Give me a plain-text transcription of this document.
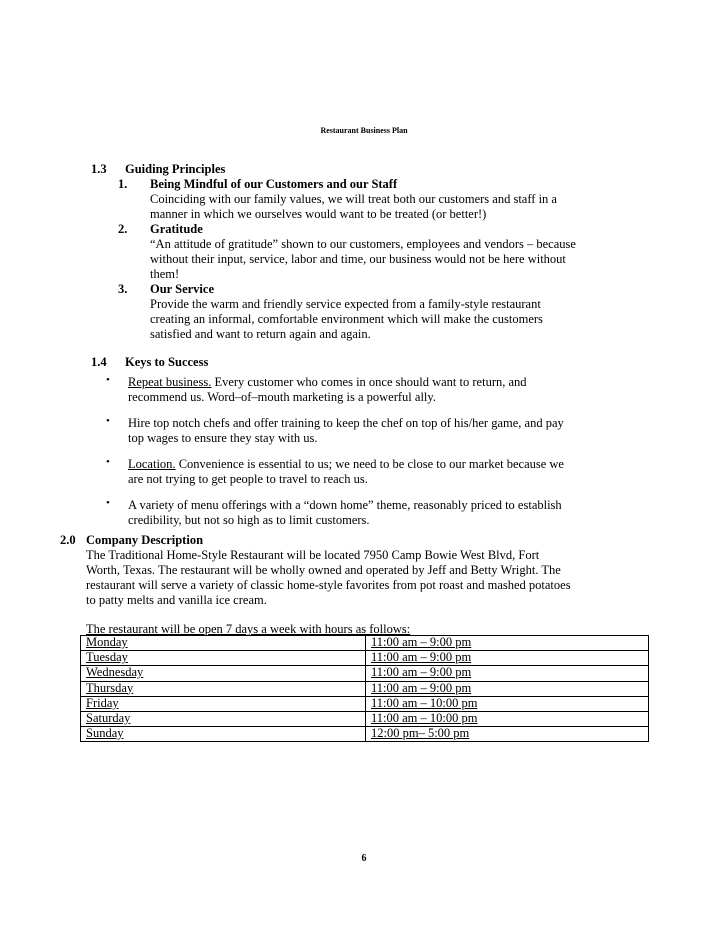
Restaurant Business Plan
1.3 Guiding Principles
1. Being Mindful of our Customers and our Staff
Coinciding with our family values, we will treat both our customers and staff in a
manner in which we ourselves would want to be treated (or better!)
2. Gratitude
“An attitude of gratitude” shown to our customers, employees and vendors – because
without their input, service, labor and time, our business would not be here without
them!
3. Our Service
Provide the warm and friendly service expected from a family-style restaurant
creating an informal, comfortable environment which will make the customers
satisfied and want to return again and again.
1.4 Keys to Success
• Repeat business. Every customer who comes in once should want to return, and
recommend us. Word–of–mouth marketing is a powerful ally.
• Hire top notch chefs and offer training to keep the chef on top of his/her game, and pay
top wages to ensure they stay with us.
• Location. Convenience is essential to us; we need to be close to our market because we
are not trying to get people to travel to reach us.
• A variety of menu offerings with a “down home” theme, reasonably priced to establish
credibility, but not so high as to limit customers.
2.0 Company Description
The Traditional Home-Style Restaurant will be located 7950 Camp Bowie West Blvd, Fort
Worth, Texas. The restaurant will be wholly owned and operated by Jeff and Betty Wright. The
restaurant will serve a variety of classic home-style favorites from pot roast and mashed potatoes
to patty melts and vanilla ice cream.
The restaurant will be open 7 days a week with hours as follows:
Monday	11:00 am – 9:00 pm
Tuesday	11:00 am – 9:00 pm
Wednesday	11:00 am – 9:00 pm
Thursday	11:00 am – 9:00 pm
Friday	11:00 am – 10:00 pm
Saturday	11:00 am – 10:00 pm
Sunday	12:00 pm– 5:00 pm
6
